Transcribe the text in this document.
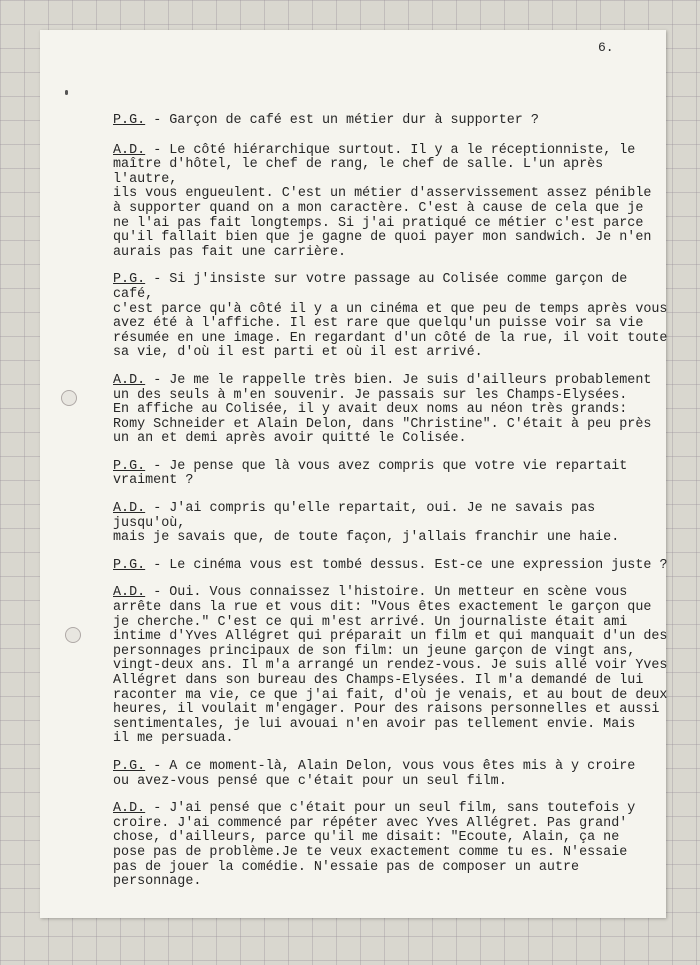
6.

P.G. - Garçon de café est un métier dur à supporter ?

A.D. - Le côté hiérarchique surtout. Il y a le réceptionniste, le
maître d'hôtel, le chef de rang, le chef de salle. L'un après l'autre,
ils vous engueulent. C'est un métier d'asservissement assez pénible
à supporter quand on a mon caractère. C'est à cause de cela que je
ne l'ai pas fait longtemps. Si j'ai pratiqué ce métier c'est parce
qu'il fallait bien que je gagne de quoi payer mon sandwich. Je n'en
aurais pas fait une carrière.

P.G. - Si j'insiste sur votre passage au Colisée comme garçon de café,
c'est parce qu'à côté il y a un cinéma et que peu de temps après vous
avez été à l'affiche. Il est rare que quelqu'un puisse voir sa vie
résumée en une image. En regardant d'un côté de la rue, il voit toute
sa vie, d'où il est parti et où il est arrivé.

A.D. - Je me le rappelle très bien. Je suis d'ailleurs probablement
un des seuls à m'en souvenir. Je passais sur les Champs-Elysées.
En affiche au Colisée, il y avait deux noms au néon très grands:
Romy Schneider et Alain Delon, dans "Christine". C'était à peu près
un an et demi après avoir quitté le Colisée.

P.G. - Je pense que là vous avez compris que votre vie repartait
vraiment ?

A.D. - J'ai compris qu'elle repartait, oui. Je ne savais pas jusqu'où,
mais je savais que, de toute façon, j'allais franchir une haie.

P.G. - Le cinéma vous est tombé dessus. Est-ce une expression juste ?

A.D. - Oui. Vous connaissez l'histoire. Un metteur en scène vous
arrête dans la rue et vous dit: "Vous êtes exactement le garçon que
je cherche." C'est ce qui m'est arrivé. Un journaliste était ami
intime d'Yves Allégret qui préparait un film et qui manquait d'un des
personnages principaux de son film: un jeune garçon de vingt ans,
vingt-deux ans. Il m'a arrangé un rendez-vous. Je suis allé voir Yves
Allégret dans son bureau des Champs-Elysées. Il m'a demandé de lui
raconter ma vie, ce que j'ai fait, d'où je venais, et au bout de deux
heures, il voulait m'engager. Pour des raisons personnelles et aussi
sentimentales, je lui avouai n'en avoir pas tellement envie. Mais
il me persuada.

P.G. - A ce moment-là, Alain Delon, vous vous êtes mis à y croire
ou avez-vous pensé que c'était pour un seul film.

A.D. - J'ai pensé que c'était pour un seul film, sans toutefois y
croire. J'ai commencé par répéter avec Yves Allégret. Pas grand'
chose, d'ailleurs, parce qu'il me disait: "Ecoute, Alain, ça ne
pose pas de problème.Je te veux exactement comme tu es. N'essaie
pas de jouer la comédie. N'essaie pas de composer un autre personnage.
